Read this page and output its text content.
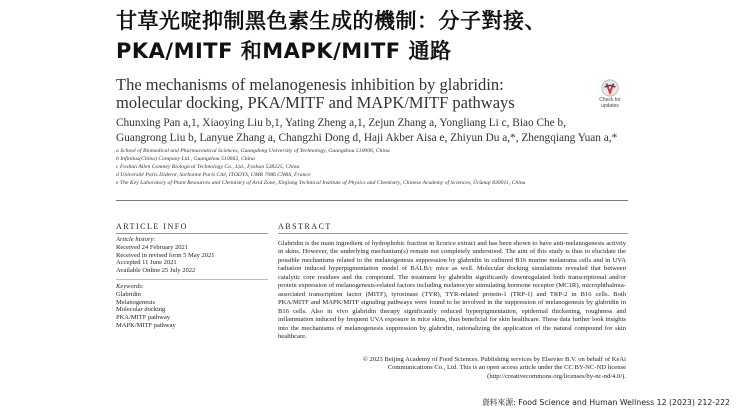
甘草光啶抑制黑色素生成的機制：分子對接、
PKA/MITF 和MAPK/MITF 通路
The mechanisms of melanogenesis inhibition by glabridin:
molecular docking, PKA/MITF and MAPK/MITF pathways	Check for updates
Chunxing Pan a,1, Xiaoying Liu b,1, Yating Zheng a,1, Zejun Zhang a, Yongliang Li c, Biao Che b,
Guangrong Liu b, Lanyue Zhang a, Changzhi Dong d, Haji Akber Aisa e, Zhiyun Du a,*, Zhengqiang Yuan a,*
a School of Biomedical and Pharmaceutical Sciences, Guangdong University of Technology, Guangzhou 510006, China
b Infinitus(China) Company Ltd., Guangzhou 510663, China
c Foshan Allen Comney Biological Technology Co., Ltd., Foshan 528225, China
d Université Paris Diderot, Sorbonne Paris Cité, ITODYS, UMR 7086 CNRS, France
e The Key Laboratory of Plant Resources and Chemistry of Arid Zone, Xinjiang Technical Institute of Physics and Chemistry, Chinese Academy of Sciences, Ürümqi 830011, China
ARTICLE INFO	ABSTRACT
Article history:
Received 24 February 2021
Received in revised form 5 May 2021
Accepted 11 June 2021
Available Online 25 July 2022
Keywords:
Glabridin
Melanogenesis
Molecular docking
PKA/MITF pathway
MAPK/MITF pathway
Glabridin is the main ingredient of hydrophobic fraction in licorice extract and has been shown to have anti-melanogenesis activity in skins. However, the underlying mechanism(s) remain not completely understood. The aim of this study is thus to elucidate the possible mechanisms related to the melanogenesis suppression by glabridin in cultured B16 murine melanoma cells and in UVA radiation induced hyperpigmentation model of BALB/c mice as well. Molecular docking simulations revealed that between catalytic core residues and the compound. The treatment by glabridin significantly downregulated both transcriptional and/or protein expression of melanogenesis-related factors including melanocyte stimulating hormone receptor (MC1R), microphthalmia-associated transcription factor (MITF), tyrosinase (TYR), TYR-related protein-1 (TRP-1) and TRP-2 in B16 cells. Both PKA/MITF and MAPK/MITF signaling pathways were found to be involved in the suppression of melanogenesis by glabridin in B16 cells. Also in vivo glabridin therapy significantly reduced hyperpigmentation, epidermal thickening, roughness and inflammation induced by frequent UVA exposure in mice skins, thus beneficial for skin healthcare. These data further look insights into the mechanisms of melanogenesis suppression by glabridin, rationalizing the application of the natural compound for skin healthcare.
© 2023 Beijing Academy of Food Sciences. Publishing services by Elsevier B.V. on behalf of KeAi
Communications Co., Ltd. This is an open access article under the CC BY-NC-ND license
(http://creativecommons.org/licenses/by-nc-nd/4.0/).
資料來源: Food Science and Human Wellness 12 (2023) 212-222
